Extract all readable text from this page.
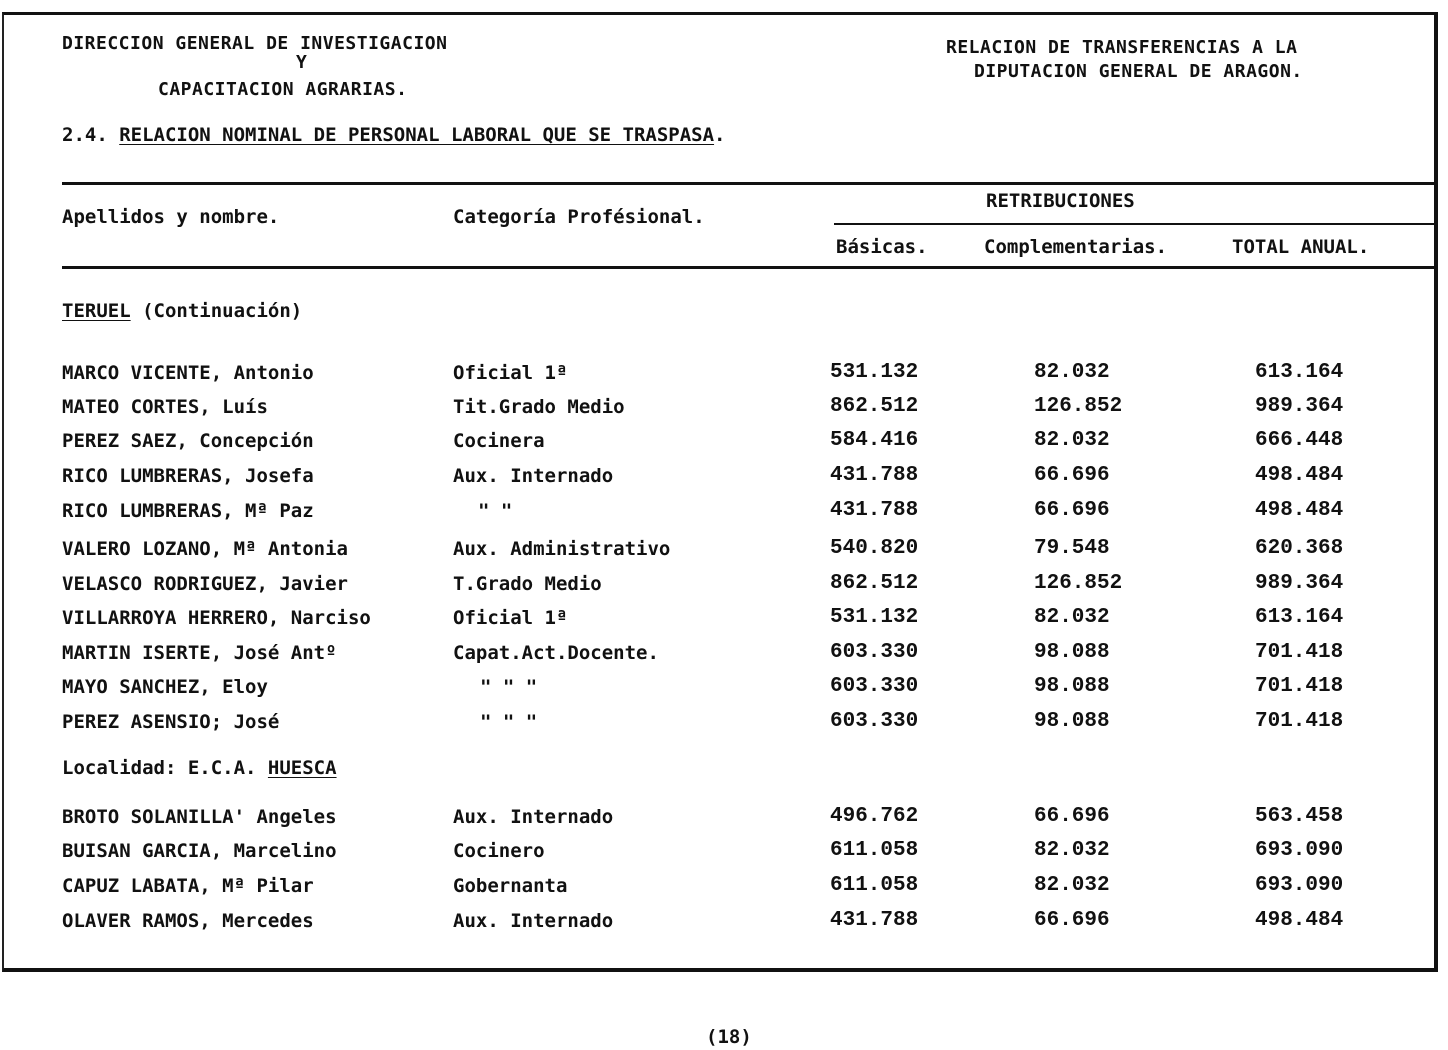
DIRECCION GENERAL DE INVESTIGACION
Y
CAPACITACION AGRARIAS.
RELACION DE TRANSFERENCIAS A LA
DIPUTACION GENERAL DE ARAGON.
2.4. RELACION NOMINAL DE PERSONAL LABORAL QUE SE TRASPASA.
Apellidos y nombre.	Categoría Profésional.
RETRIBUCIONES
Básicas.	Complementarias.	TOTAL ANUAL.
TERUEL (Continuación)
MARCO VICENTE, Antonio	Oficial 1ª	531.132	82.032	613.164
MATEO CORTES, Luís	Tit.Grado Medio	862.512	126.852	989.364
PEREZ SAEZ, Concepción	Cocinera	584.416	82.032	666.448
RICO LUMBRERAS, Josefa	Aux. Internado	431.788	66.696	498.484
RICO LUMBRERAS, Mª Paz	" "	431.788	66.696	498.484
VALERO LOZANO, Mª Antonia	Aux. Administrativo	540.820	79.548	620.368
VELASCO RODRIGUEZ, Javier	T.Grado Medio	862.512	126.852	989.364
VILLARROYA HERRERO, Narciso	Oficial 1ª	531.132	82.032	613.164
MARTIN ISERTE, José Antº	Capat.Act.Docente.	603.330	98.088	701.418
MAYO SANCHEZ, Eloy	" " "	603.330	98.088	701.418
PEREZ ASENSIO; José	" " "	603.330	98.088	701.418
Localidad: E.C.A. HUESCA
BROTO SOLANILLA' Angeles	Aux. Internado	496.762	66.696	563.458
BUISAN GARCIA, Marcelino	Cocinero	611.058	82.032	693.090
CAPUZ LABATA, Mª Pilar	Gobernanta	611.058	82.032	693.090
OLAVER RAMOS, Mercedes	Aux. Internado	431.788	66.696	498.484
(18)
